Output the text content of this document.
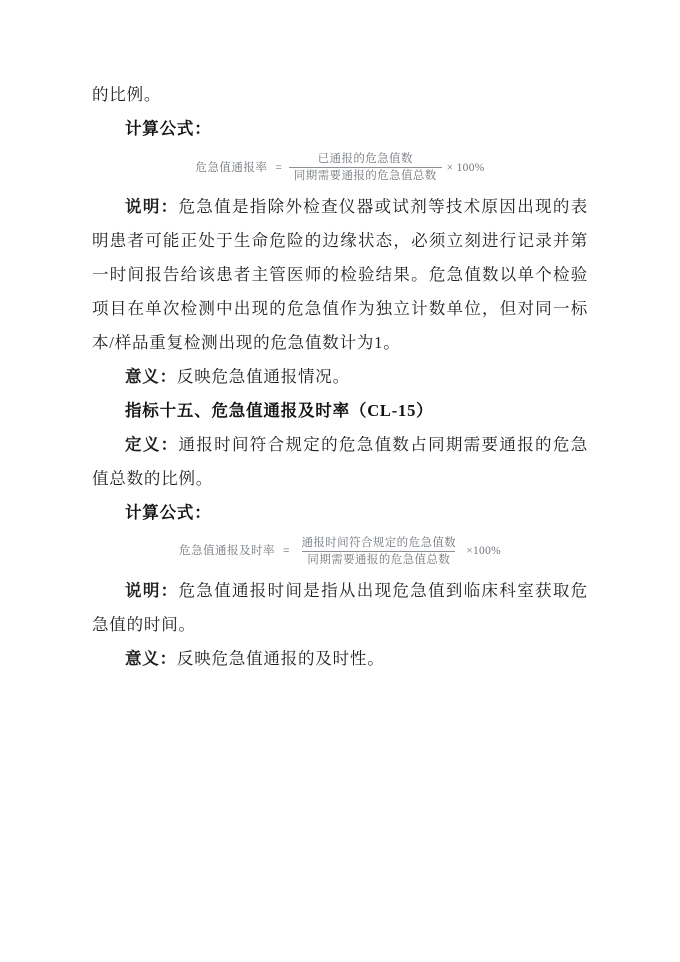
的比例。

计算公式：

危急值通报率 = $\frac{\text{已通报的危急值数}}{\text{同期需要通报的危急值总数}} \times 100\%$

说明：危急值是指除外检查仪器或试剂等技术原因出现的表明患者可能正处于生命危险的边缘状态，必须立刻进行记录并第一时间报告给该患者主管医师的检验结果。危急值数以单个检验项目在单次检测中出现的危急值作为独立计数单位，但对同一标本/样品重复检测出现的危急值数计为1。

意义：反映危急值通报情况。

指标十五、危急值通报及时率（CL-15）

定义：通报时间符合规定的危急值数占同期需要通报的危急值总数的比例。

计算公式：

危急值通报及时率 = $\frac{\text{通报时间符合规定的危急值数}}{\text{同期需要通报的危急值总数}} \times 100\%$

说明：危急值通报时间是指从出现危急值到临床科室获取危急值的时间。

意义：反映危急值通报的及时性。
